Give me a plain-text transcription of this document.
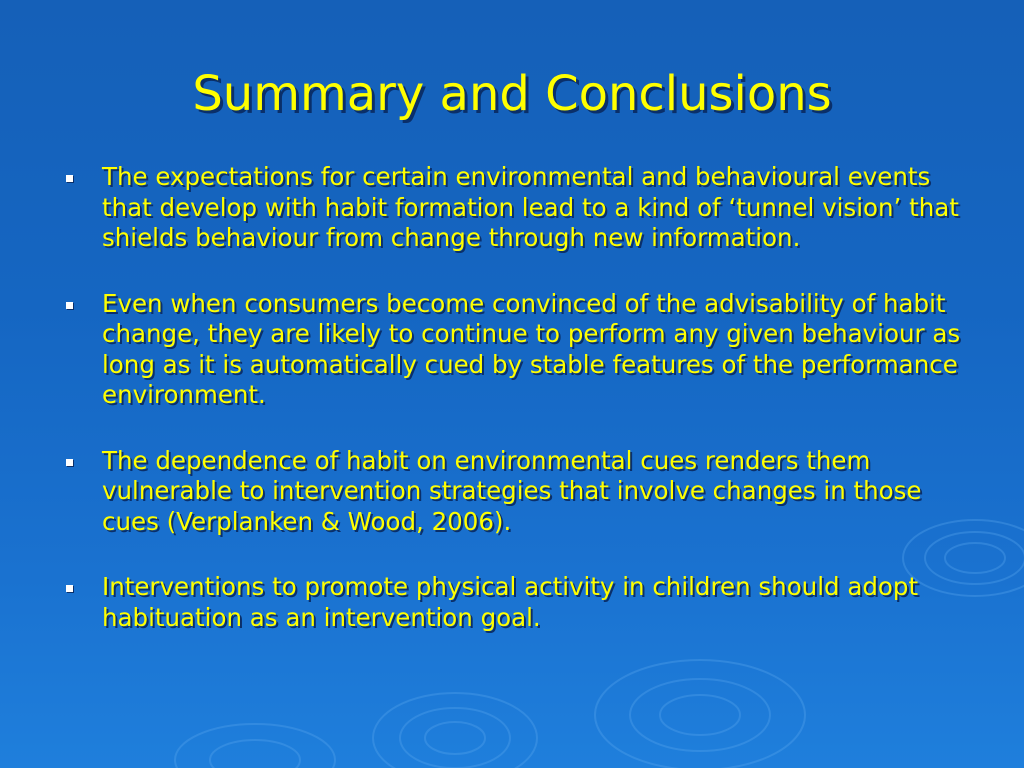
Summary and Conclusions
The expectations for certain environmental and behavioural events that develop with habit formation lead to a kind of ‘tunnel vision’ that shields behaviour from change through new information.
Even when consumers become convinced of the advisability of habit change, they are likely to continue to perform any given behaviour as long as it is automatically cued by stable features of the performance environment.
The dependence of habit on environmental cues renders them vulnerable to intervention strategies that involve changes in those cues (Verplanken & Wood, 2006).
Interventions to promote physical activity in children should adopt habituation as an intervention goal.
